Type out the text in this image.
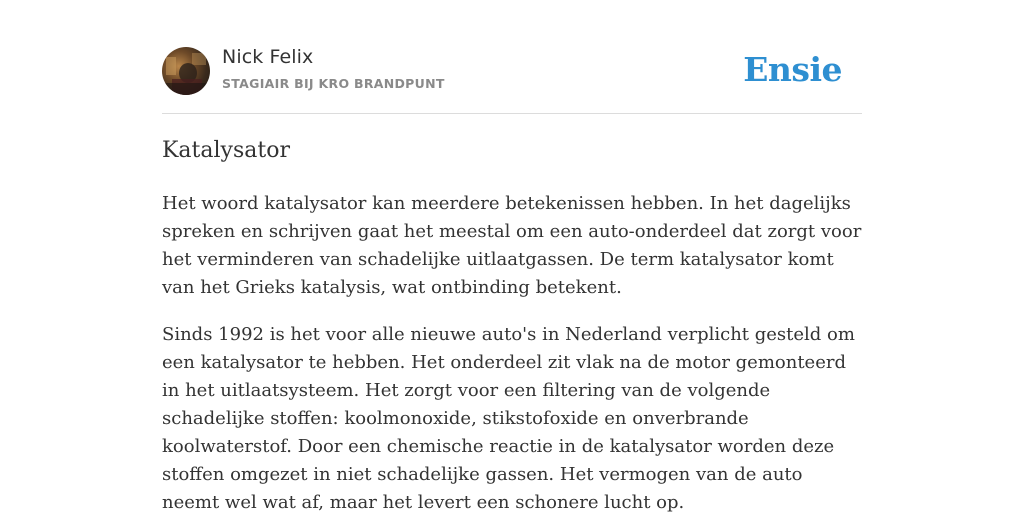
Nick Felix
STAGIAIR BIJ KRO BRANDPUNT	Ensie
Katalysator

Het woord katalysator kan meerdere betekenissen hebben. In het dagelijks spreken en schrijven gaat het meestal om een auto-onderdeel dat zorgt voor het verminderen van schadelijke uitlaatgassen. De term katalysator komt van het Grieks katalysis, wat ontbinding betekent.

Sinds 1992 is het voor alle nieuwe auto's in Nederland verplicht gesteld om een katalysator te hebben. Het onderdeel zit vlak na de motor gemonteerd in het uitlaatsysteem. Het zorgt voor een filtering van de volgende schadelijke stoffen: koolmonoxide, stikstofoxide en onverbrande koolwaterstof. Door een chemische reactie in de katalysator worden deze stoffen omgezet in niet schadelijke gassen. Het vermogen van de auto neemt wel wat af, maar het levert een schonere lucht op.
